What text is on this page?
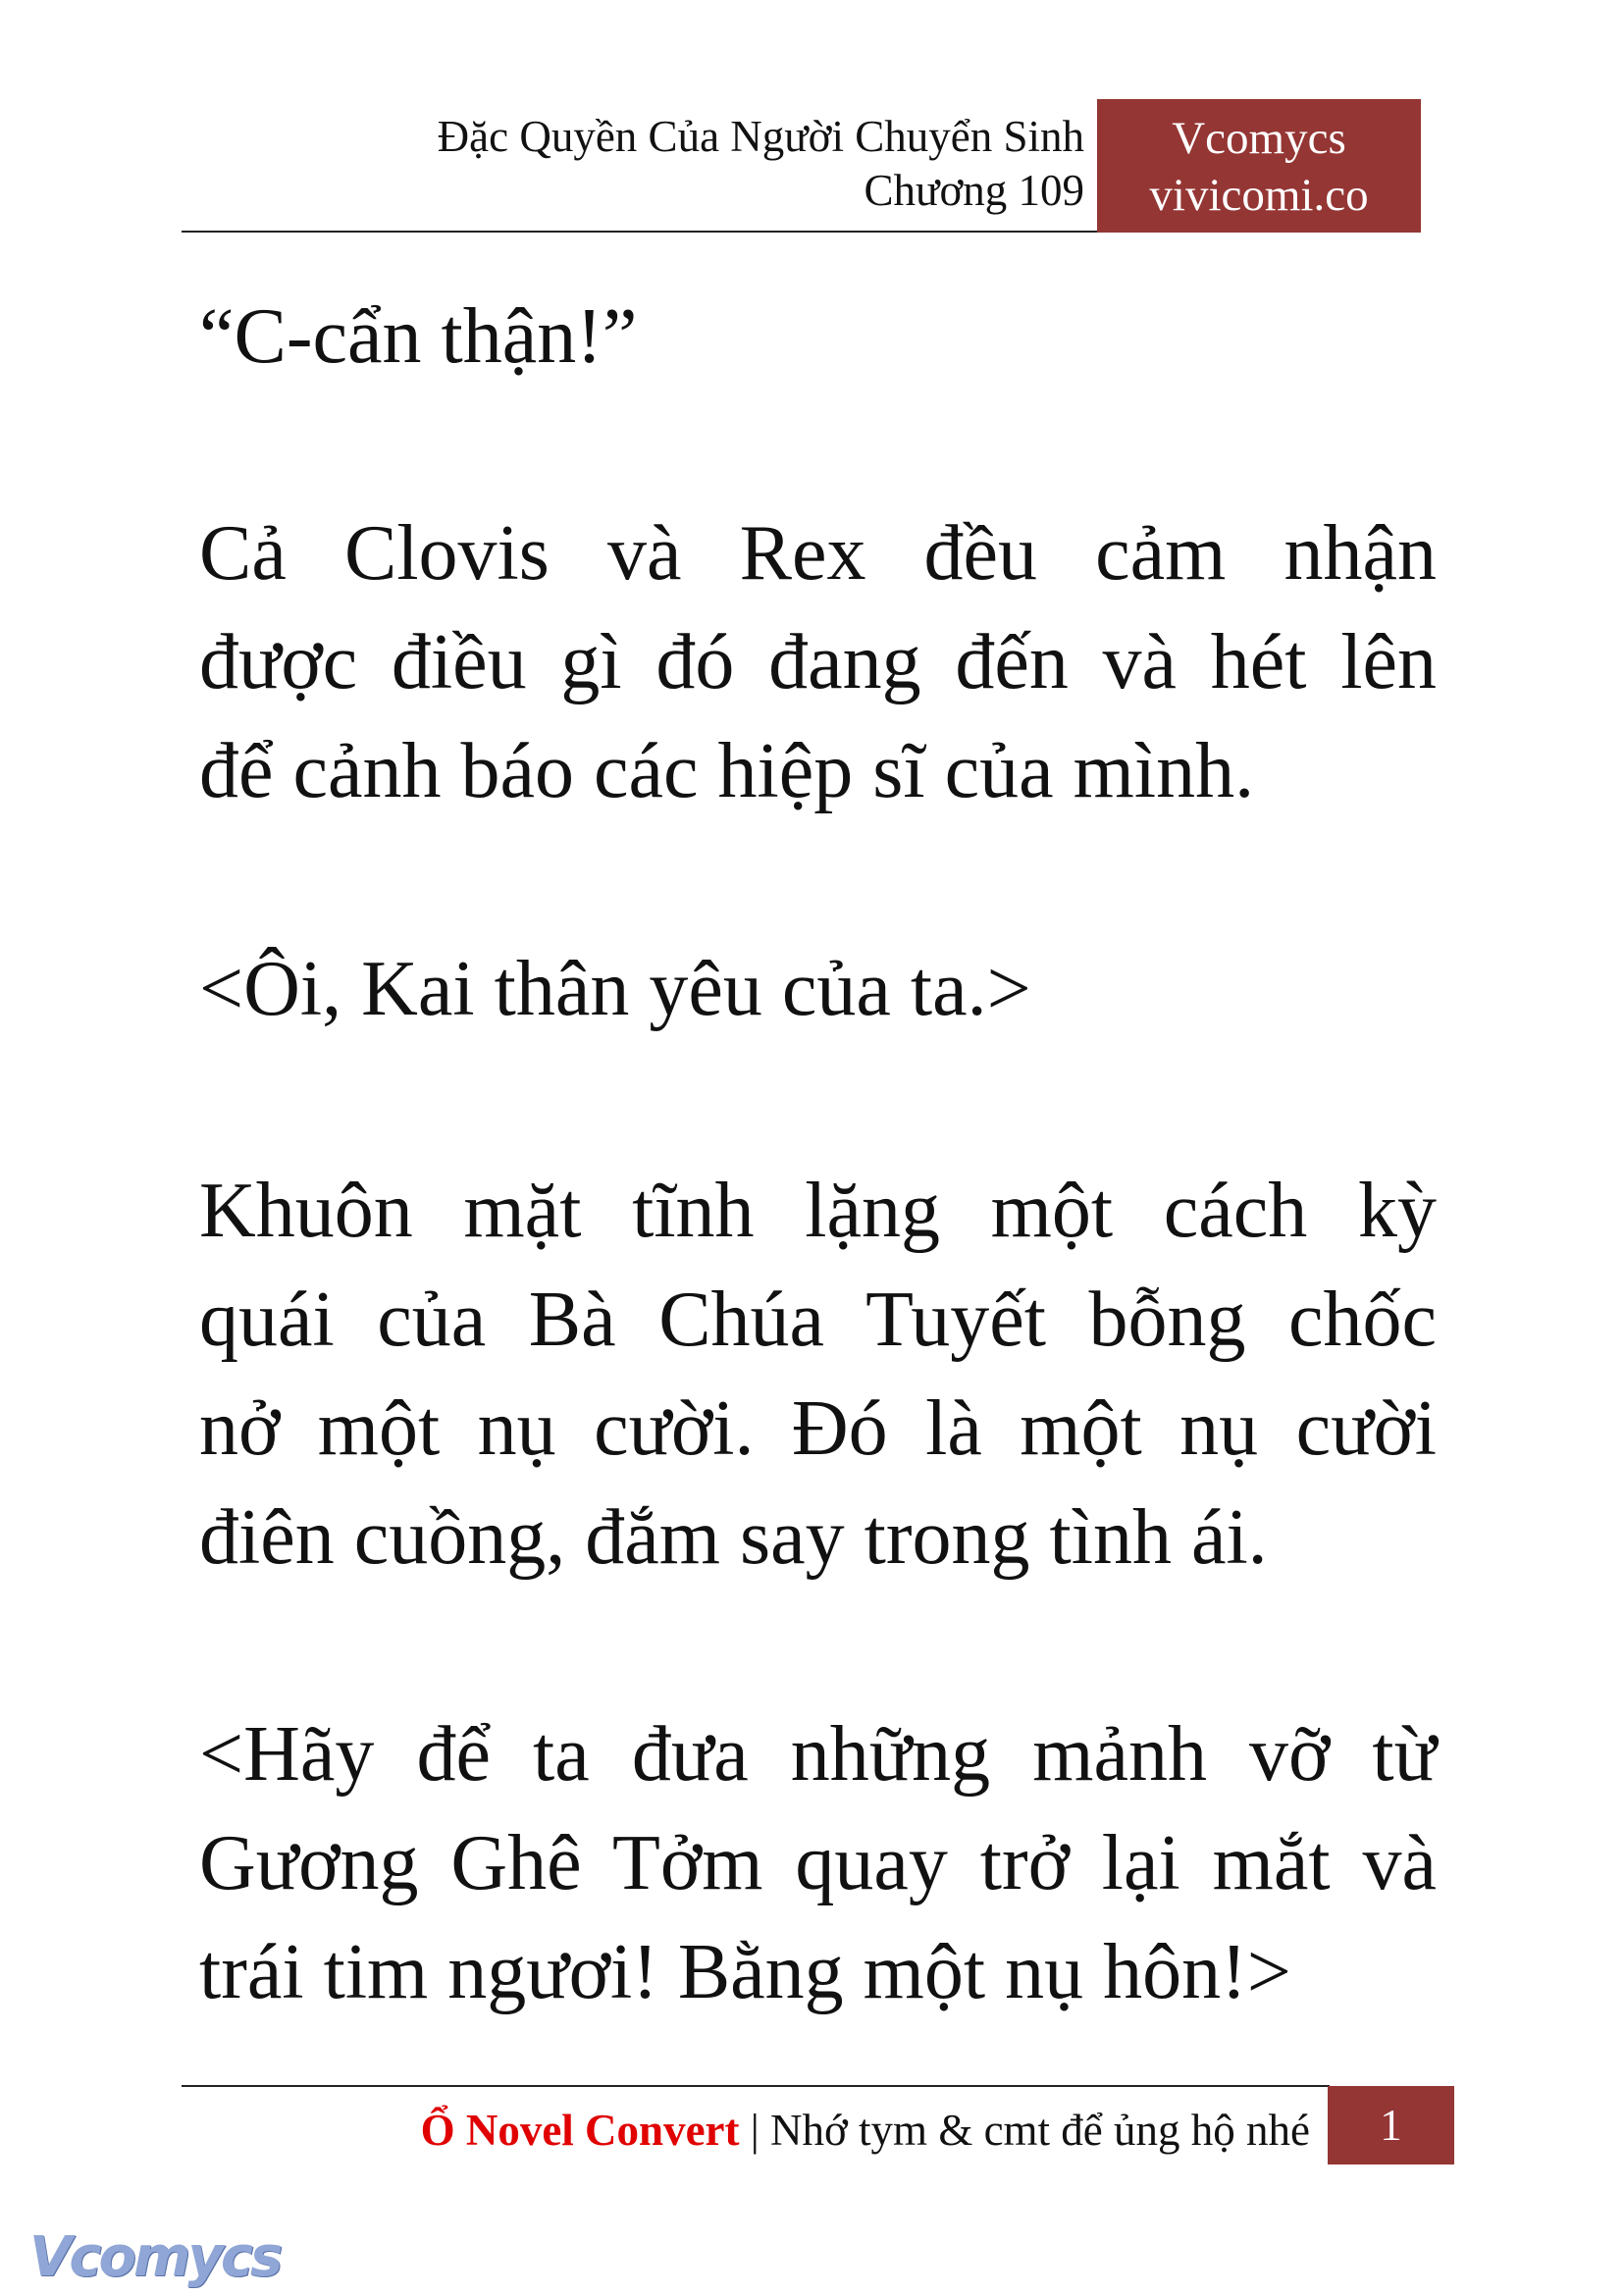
Đặc Quyền Của Người Chuyển Sinh
Chương 109
Vcomycs
vivicomi.co
“C-cẩn thận!”
Cả Clovis và Rex đều cảm nhận
được điều gì đó đang đến và hét lên
để cảnh báo các hiệp sĩ của mình.
<Ôi, Kai thân yêu của ta.>
Khuôn mặt tĩnh lặng một cách kỳ
quái của Bà Chúa Tuyết bỗng chốc
nở một nụ cười. Đó là một nụ cười
điên cuồng, đắm say trong tình ái.
<Hãy để ta đưa những mảnh vỡ từ
Gương Ghê Tởm quay trở lại mắt và
trái tim ngươi! Bằng một nụ hôn!>
Ổ Novel Convert | Nhớ tym & cmt để ủng hộ nhé	1
Vcomycs
